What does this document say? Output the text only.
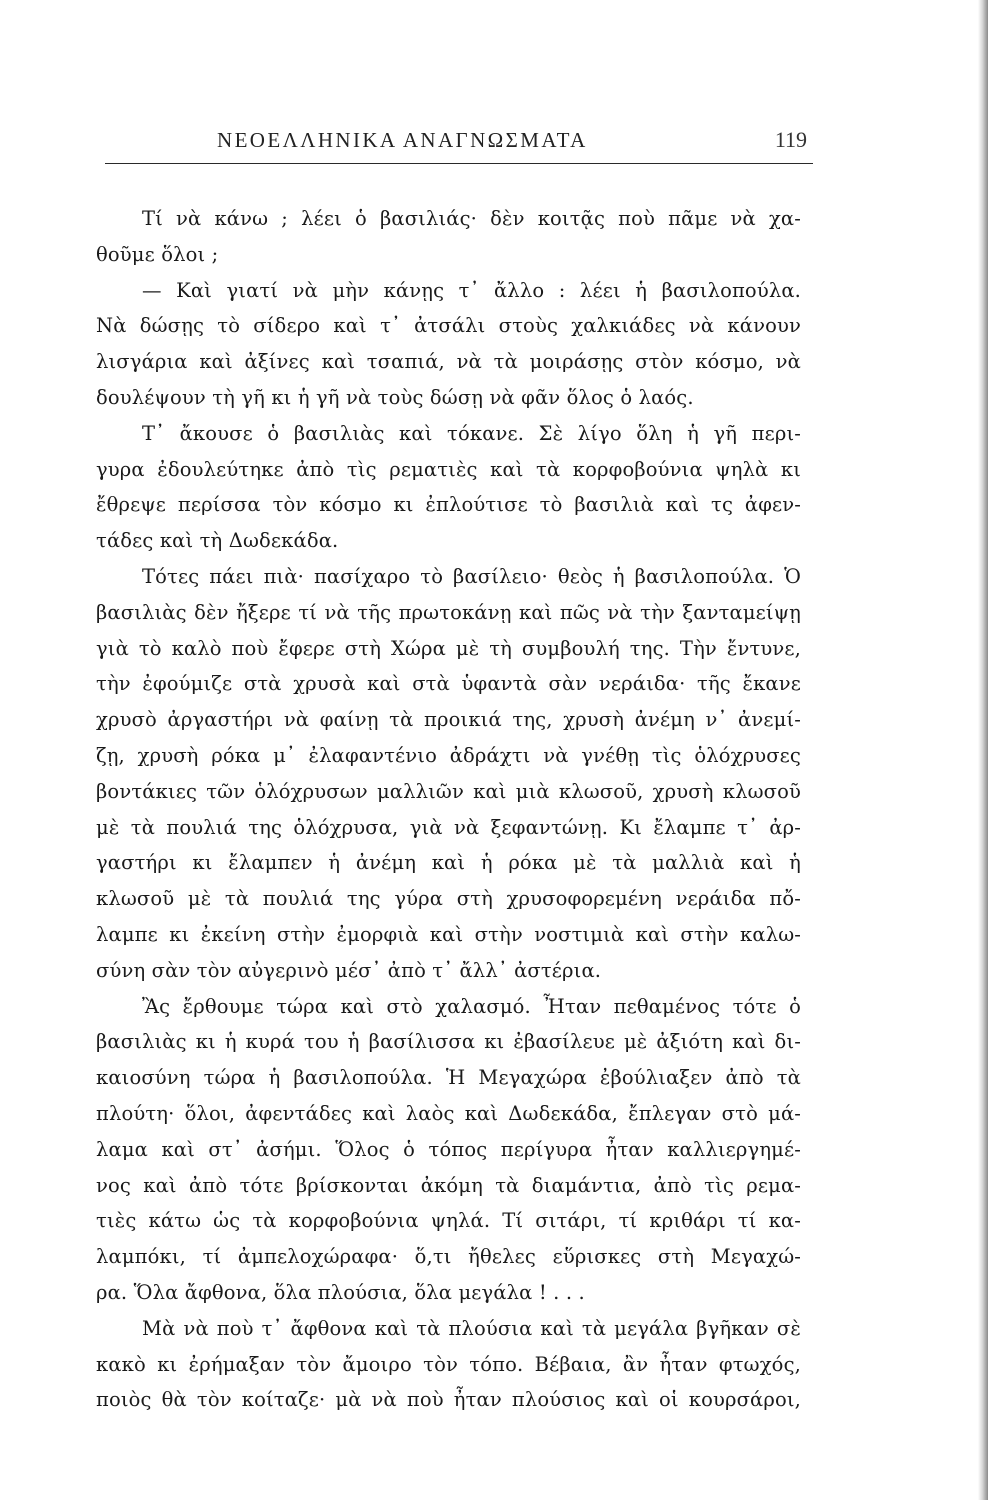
ΝΕΟΕΛΛΗΝΙΚΑ ΑΝΑΓΝΩΣΜΑΤΑ	119
Τί νὰ κάνω ; λέει ὁ βασιλιάς· δὲν κοιτᾷς ποὺ πᾶμε νὰ χα-
θοῦμε ὅλοι ;
— Καὶ γιατί νὰ μὴν κάνῃς τ᾿ ἄλλο : λέει ἡ βασιλοπούλα.
Νὰ δώσῃς τὸ σίδερο καὶ τ᾿ ἀτσάλι στοὺς χαλκιάδες νὰ κάνουν
λισγάρια καὶ ἀξίνες καὶ τσαπιά, νὰ τὰ μοιράσῃς στὸν κόσμο, νὰ
δουλέψουν τὴ γῆ κι ἡ γῆ νὰ τοὺς δώσῃ νὰ φᾶν ὅλος ὁ λαός.
Τ᾿ ἄκουσε ὁ βασιλιὰς καὶ τόκανε. Σὲ λίγο ὅλη ἡ γῆ περι-
γυρα ἐδουλεύτηκε ἀπὸ τὶς ρεματιὲς καὶ τὰ κορφοβούνια ψηλὰ κι
ἔθρεψε περίσσα τὸν κόσμο κι ἐπλούτισε τὸ βασιλιὰ καὶ τς ἀφεν-
τάδες καὶ τὴ Δωδεκάδα.
Τότες πάει πιὰ· πασίχαρο τὸ βασίλειο· θεὸς ἡ βασιλοπούλα. Ὁ
βασιλιὰς δὲν ἤξερε τί νὰ τῆς πρωτοκάνῃ καὶ πῶς νὰ τὴν ξανταμείψῃ
γιὰ τὸ καλὸ ποὺ ἔφερε στὴ Χώρα μὲ τὴ συμβουλή της. Τὴν ἔντυνε,
τὴν ἐφούμιζε στὰ χρυσὰ καὶ στὰ ὑφαντὰ σὰν νεράιδα· τῆς ἔκανε
χρυσὸ ἀργαστήρι νὰ φαίνῃ τὰ προικιά της, χρυσὴ ἀνέμη ν᾿ ἀνεμί-
ζῃ, χρυσὴ ρόκα μ᾿ ἐλαφαντένιο ἀδράχτι νὰ γνέθῃ τὶς ὁλόχρυσες
βοντάκιες τῶν ὁλόχρυσων μαλλιῶν καὶ μιὰ κλωσοῦ, χρυσὴ κλωσοῦ
μὲ τὰ πουλιά της ὁλόχρυσα, γιὰ νὰ ξεφαντώνῃ. Κι ἔλαμπε τ᾿ ἀρ-
γαστήρι κι ἔλαμπεν ἡ ἀνέμη καὶ ἡ ρόκα μὲ τὰ μαλλιὰ καὶ ἡ
κλωσοῦ μὲ τὰ πουλιά της γύρα στὴ χρυσοφορεμένη νεράιδα πὄ-
λαμπε κι ἐκείνη στὴν ἐμορφιὰ καὶ στὴν νοστιμιὰ καὶ στὴν καλω-
σύνη σὰν τὸν αὐγερινὸ μέσ᾿ ἀπὸ τ᾿ ἄλλ᾿ ἀστέρια.
Ἂς ἔρθουμε τώρα καὶ στὸ χαλασμό. Ἦταν πεθαμένος τότε ὁ
βασιλιὰς κι ἡ κυρά του ἡ βασίλισσα κι ἐβασίλευε μὲ ἀξιότη καὶ δι-
καιοσύνη τώρα ἡ βασιλοπούλα. Ἡ Μεγαχώρα ἐβούλιαξεν ἀπὸ τὰ
πλούτη· ὅλοι, ἀφεντάδες καὶ λαὸς καὶ Δωδεκάδα, ἔπλεγαν στὸ μά-
λαμα καὶ στ᾿ ἀσήμι. Ὅλος ὁ τόπος περίγυρα ἦταν καλλιεργημέ-
νος καὶ ἀπὸ τότε βρίσκονται ἀκόμη τὰ διαμάντια, ἀπὸ τὶς ρεμα-
τιὲς κάτω ὡς τὰ κορφοβούνια ψηλά. Τί σιτάρι, τί κριθάρι τί κα-
λαμπόκι, τί ἀμπελοχώραφα· ὅ,τι ἤθελες εὕρισκες στὴ Μεγαχώ-
ρα. Ὅλα ἄφθονα, ὅλα πλούσια, ὅλα μεγάλα ! . . .
Μὰ νὰ ποὺ τ᾿ ἄφθονα καὶ τὰ πλούσια καὶ τὰ μεγάλα βγῆκαν σὲ
κακὸ κι ἐρήμαξαν τὸν ἄμοιρο τὸν τόπο. Βέβαια, ἂν ἦταν φτωχός,
ποιὸς θὰ τὸν κοίταζε· μὰ νὰ ποὺ ἦταν πλούσιος καὶ οἱ κουρσάροι,
